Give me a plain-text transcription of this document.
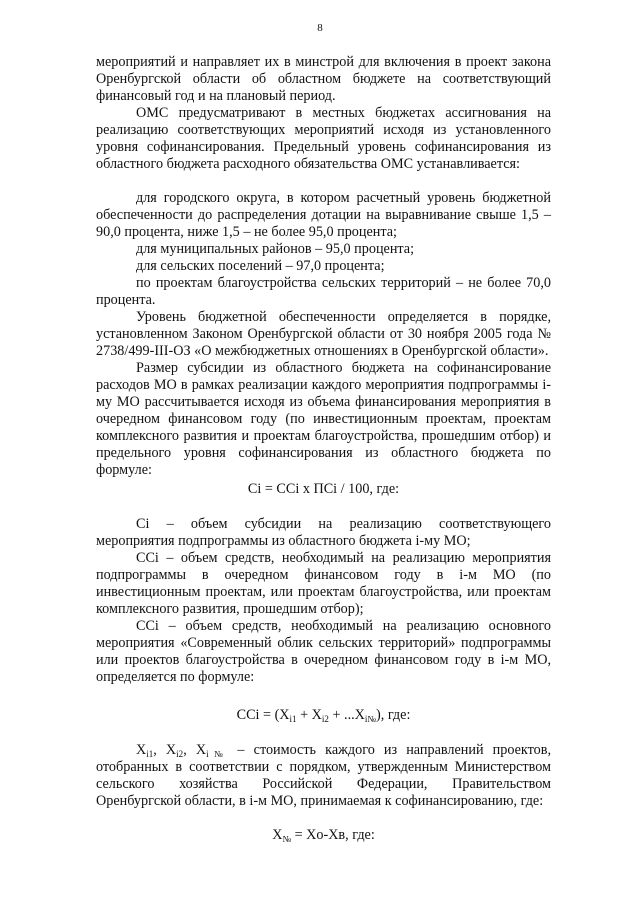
8
мероприятий и направляет их в минстрой для включения в проект закона Оренбургской области об областном бюджете на соответствующий финансовый год и на плановый период.
ОМС предусматривают в местных бюджетах ассигнования на реализацию соответствующих мероприятий исходя из установленного уровня софинансирования. Предельный уровень софинансирования из областного бюджета расходного обязательства ОМС устанавливается:
для городского округа, в котором расчетный уровень бюджетной обеспеченности до распределения дотации на выравнивание свыше 1,5 – 90,0 процента, ниже 1,5 – не более 95,0 процента;
для муниципальных районов – 95,0 процента;
для сельских поселений – 97,0 процента;
по проектам благоустройства сельских территорий – не более 70,0 процента.
Уровень бюджетной обеспеченности определяется в порядке, установленном Законом Оренбургской области от 30 ноября 2005 года № 2738/499-III-ОЗ «О межбюджетных отношениях в Оренбургской области».
Размер субсидии из областного бюджета на софинансирование расходов МО в рамках реализации каждого мероприятия подпрограммы i-му МО рассчитывается исходя из объема финансирования мероприятия в очередном финансовом году (по инвестиционным проектам, проектам комплексного развития и проектам благоустройства, прошедшим отбор) и предельного уровня софинансирования из областного бюджета по формуле:
Сi = ССi х ПСi / 100, где:
Сi – объем субсидии на реализацию соответствующего мероприятия подпрограммы из областного бюджета i-му МО;
ССi – объем средств, необходимый на реализацию мероприятия подпрограммы в очередном финансовом году в i-м МО (по инвестиционным проектам, или проектам благоустройства, или проектам комплексного развития, прошедшим отбор);
ССi – объем средств, необходимый на реализацию основного мероприятия «Современный облик сельских территорий» подпрограммы или проектов благоустройства в очередном финансовом году в i-м МО, определяется по формуле:
ССi = $(X_{i1} + X_{i2} + ...X_{i№})$, где:
$X_{i1}$, $X_{i2}$, $X_{i№}$ – стоимость каждого из направлений проектов, отобранных в соответствии с порядком, утвержденным Министерством сельского хозяйства Российской Федерации, Правительством Оренбургской области, в i-м МО, принимаемая к софинансированию, где:
$X_№ = Xо-Xв$, где:
